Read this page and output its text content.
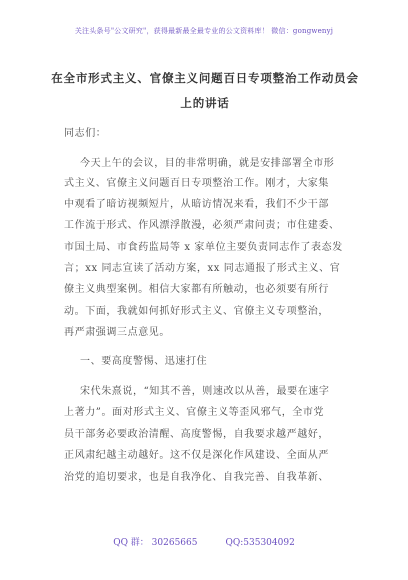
关注头条号"公文研究"，获得最新最全最专业的公文资料库！ 微信：gongwenyj
在全市形式主义、官僚主义问题百日专项整治工作动员会
上的讲话
同志们：
今天上午的会议，目的非常明确，就是安排部署全市形
式主义、官僚主义问题百日专项整治工作。刚才，大家集
中观看了暗访视频短片，从暗访情况来看，我们不少干部
工作流于形式、作风漂浮散漫，必须严肃问责；市住建委、
市国土局、市食药监局等 x 家单位主要负责同志作了表态发
言；xx 同志宣读了活动方案，xx 同志通报了形式主义、官
僚主义典型案例。相信大家都有所触动，也必须要有所行
动。下面，我就如何抓好形式主义、官僚主义专项整治，
再严肃强调三点意见。
一、要高度警惕、迅速打住
宋代朱熹说，“知其不善，则速改以从善，最要在速字
上著力”。面对形式主义、官僚主义等歪风邪气，全市党
员干部务必要政治清醒、高度警惕，自我要求越严越好，
正风肃纪越主动越好。这不仅是深化作风建设、全面从严
治党的追切要求，也是自我净化、自我完善、自我革新、
QQ 群： 30265665	QQ:535304092
